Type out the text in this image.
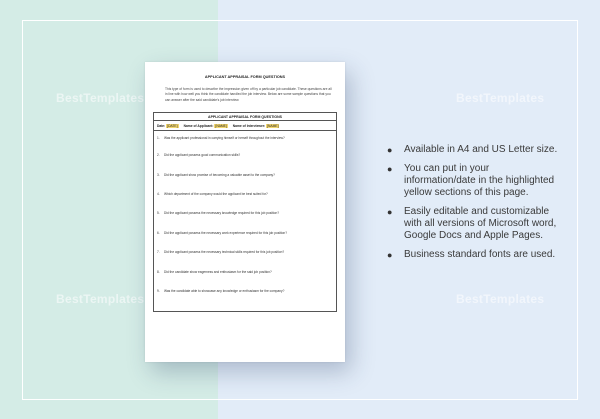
BestTemplates	BestTemplates
BestTemplates	BestTemplates
APPLICANT APPRAISAL FORM QUESTIONS

This type of form is used to describe the impression given off by a particular job candidate. These questions are all in line with how well you think the candidate handled the job interview. Below are some sample questions that you can answer after the said candidate's job interview.

APPLICANT APPRAISAL FORM QUESTIONS
Date: [DATE]	Name of Applicant: [NAME]	Name of Interviewer: [NAME]
1. Was the applicant professional in carrying himself or herself throughout the interview?
2. Did the applicant possess good communication skills?
3. Did the applicant show promise of becoming a valuable asset to the company?
4. Which department of the company would the applicant be best suited for?
5. Did the applicant possess the necessary knowledge required for this job position?
6. Did the applicant possess the necessary work experience required for this job position?
7. Did the applicant possess the necessary technical skills required for this job position?
8. Did the candidate show eagerness and enthusiasm for the said job position?
9. Was the candidate able to showcase any knowledge or enthusiasm for the company?
●	Available in A4 and US Letter size.
●	You can put in your information/date in the highlighted yellow sections of this page.
●	Easily editable and customizable with all versions of Microsoft word, Google Docs and Apple Pages.
●	Business standard fonts are used.
